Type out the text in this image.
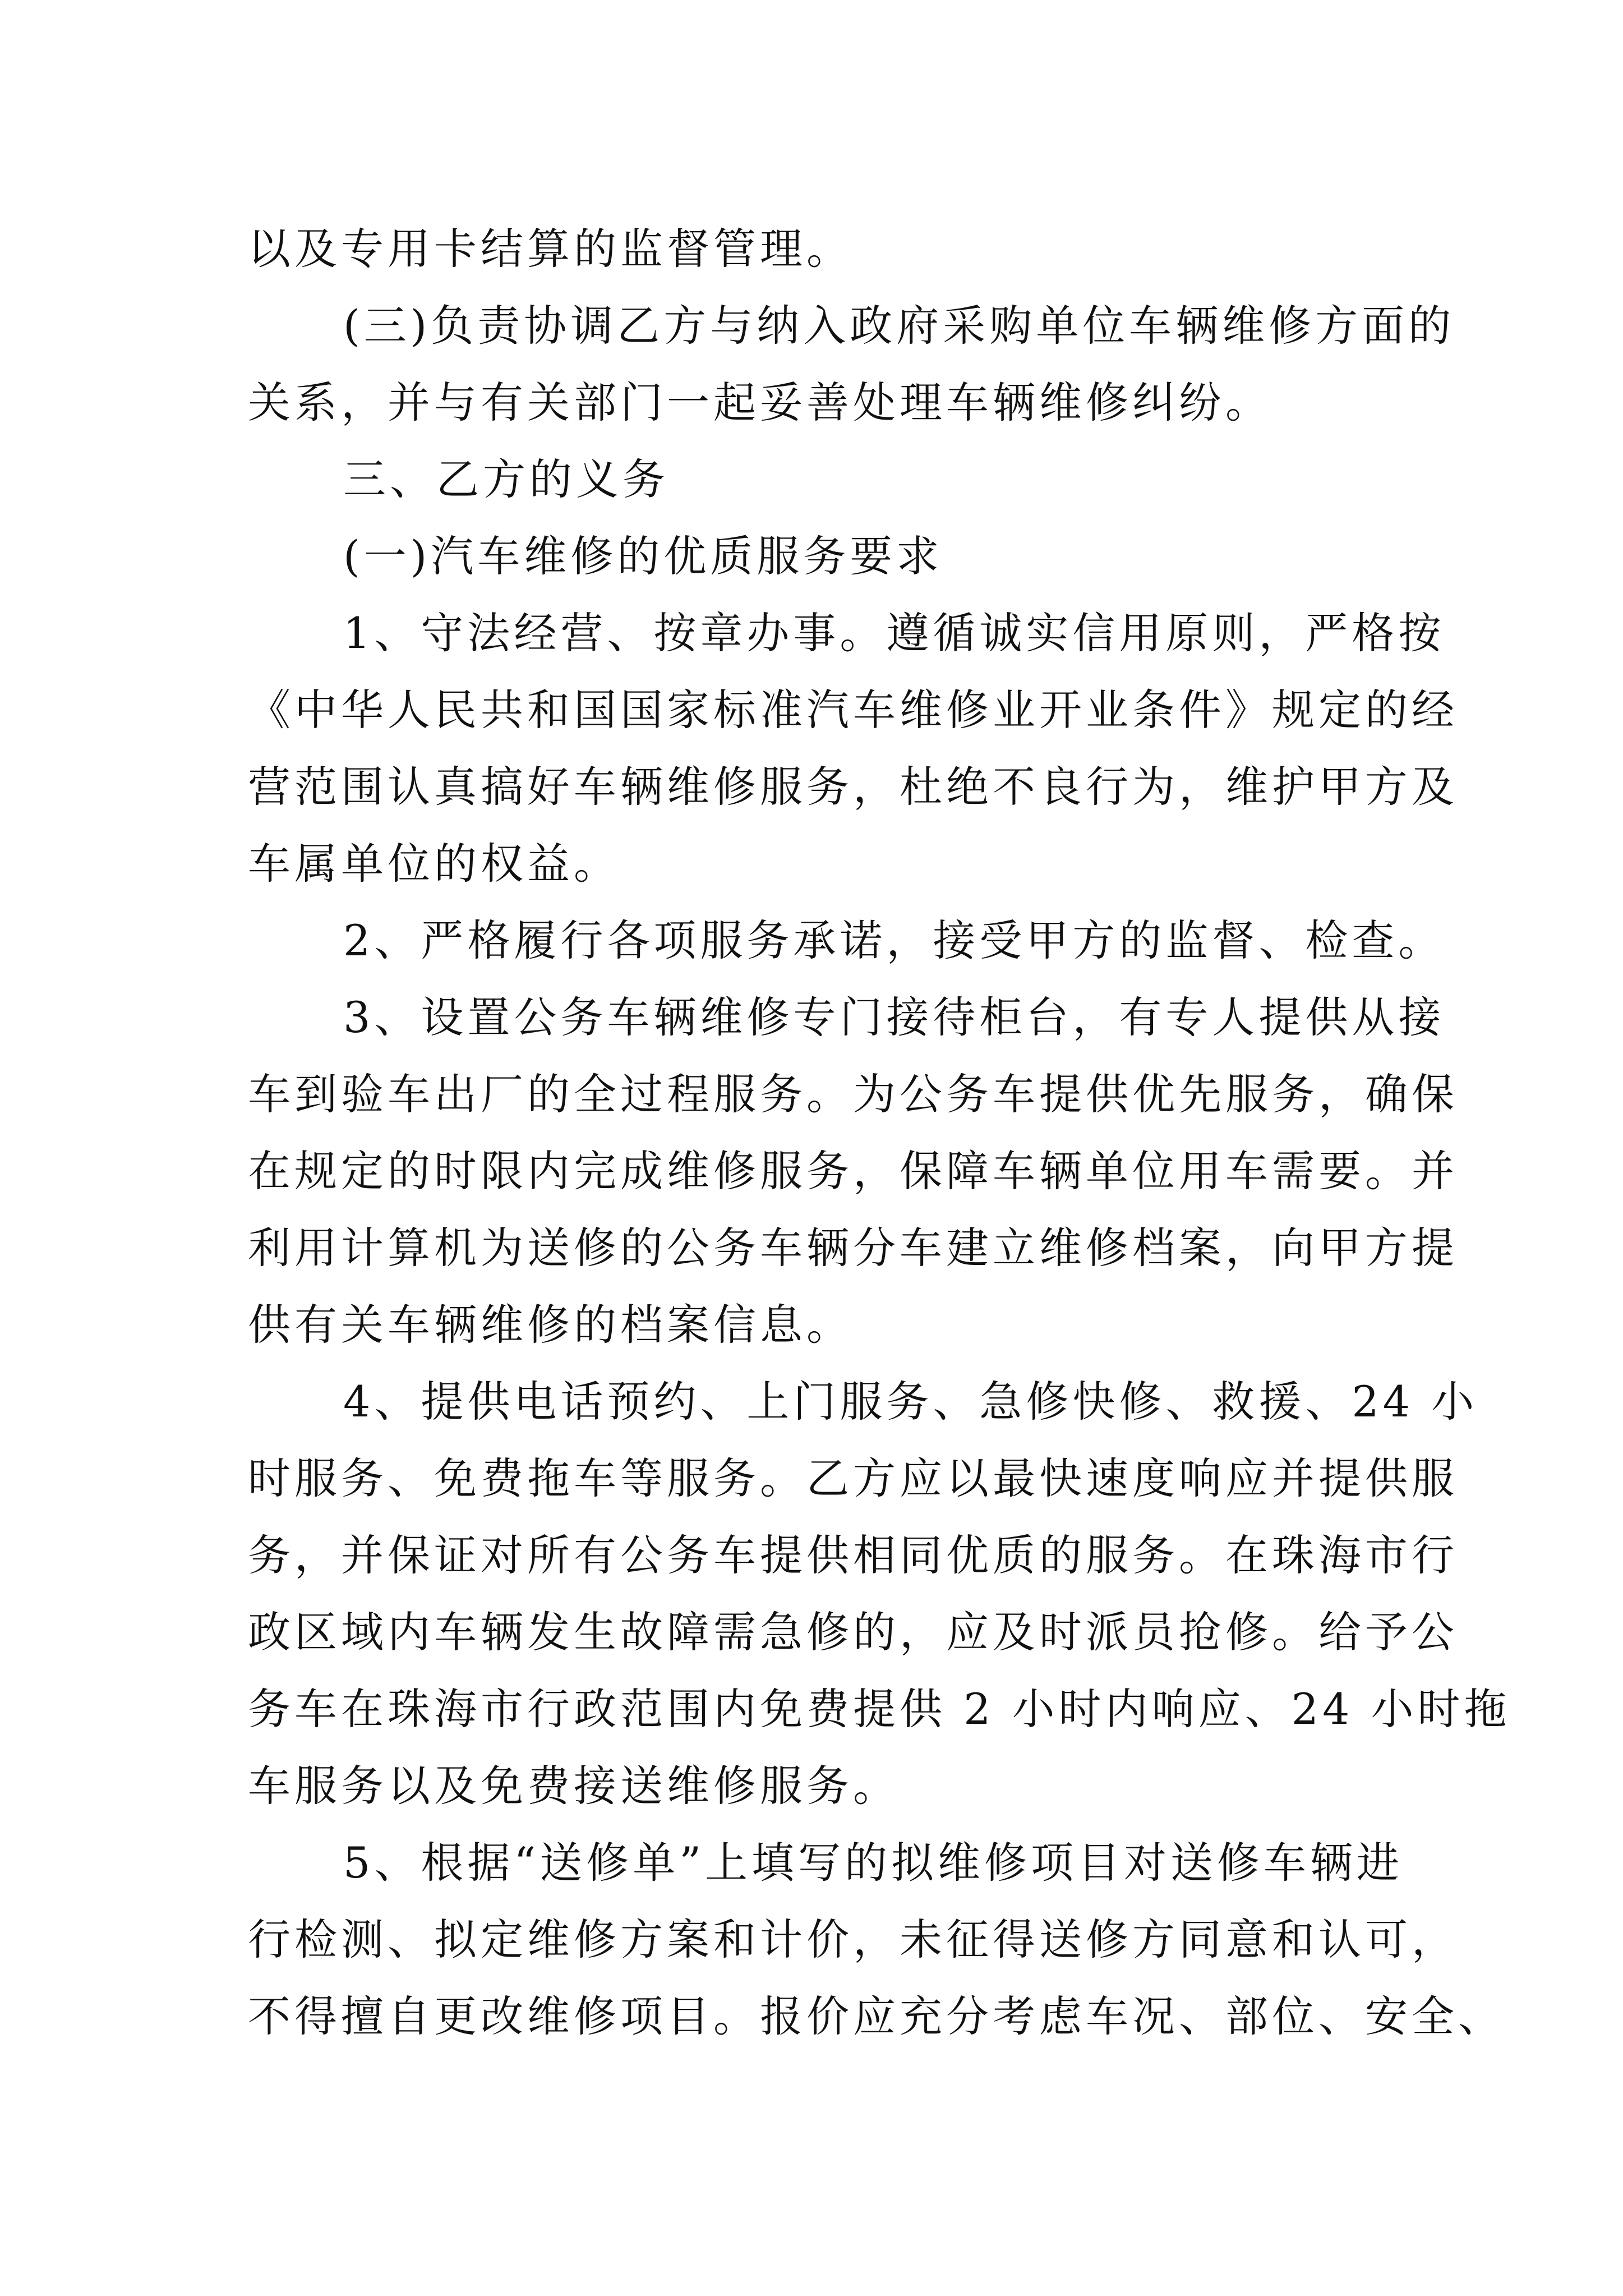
以及专用卡结算的监督管理。
(三)负责协调乙方与纳入政府采购单位车辆维修方面的
关系，并与有关部门一起妥善处理车辆维修纠纷。
三、乙方的义务
(一)汽车维修的优质服务要求
1、守法经营、按章办事。遵循诚实信用原则，严格按
《中华人民共和国国家标准汽车维修业开业条件》规定的经
营范围认真搞好车辆维修服务，杜绝不良行为，维护甲方及
车属单位的权益。
2、严格履行各项服务承诺，接受甲方的监督、检查。
3、设置公务车辆维修专门接待柜台，有专人提供从接
车到验车出厂的全过程服务。为公务车提供优先服务，确保
在规定的时限内完成维修服务，保障车辆单位用车需要。并
利用计算机为送修的公务车辆分车建立维修档案，向甲方提
供有关车辆维修的档案信息。
4、提供电话预约、上门服务、急修快修、救援、24 小
时服务、免费拖车等服务。乙方应以最快速度响应并提供服
务，并保证对所有公务车提供相同优质的服务。在珠海市行
政区域内车辆发生故障需急修的，应及时派员抢修。给予公
务车在珠海市行政范围内免费提供 2 小时内响应、24 小时拖
车服务以及免费接送维修服务。
5、根据“送修单”上填写的拟维修项目对送修车辆进
行检测、拟定维修方案和计价，未征得送修方同意和认可，
不得擅自更改维修项目。报价应充分考虑车况、部位、安全、
